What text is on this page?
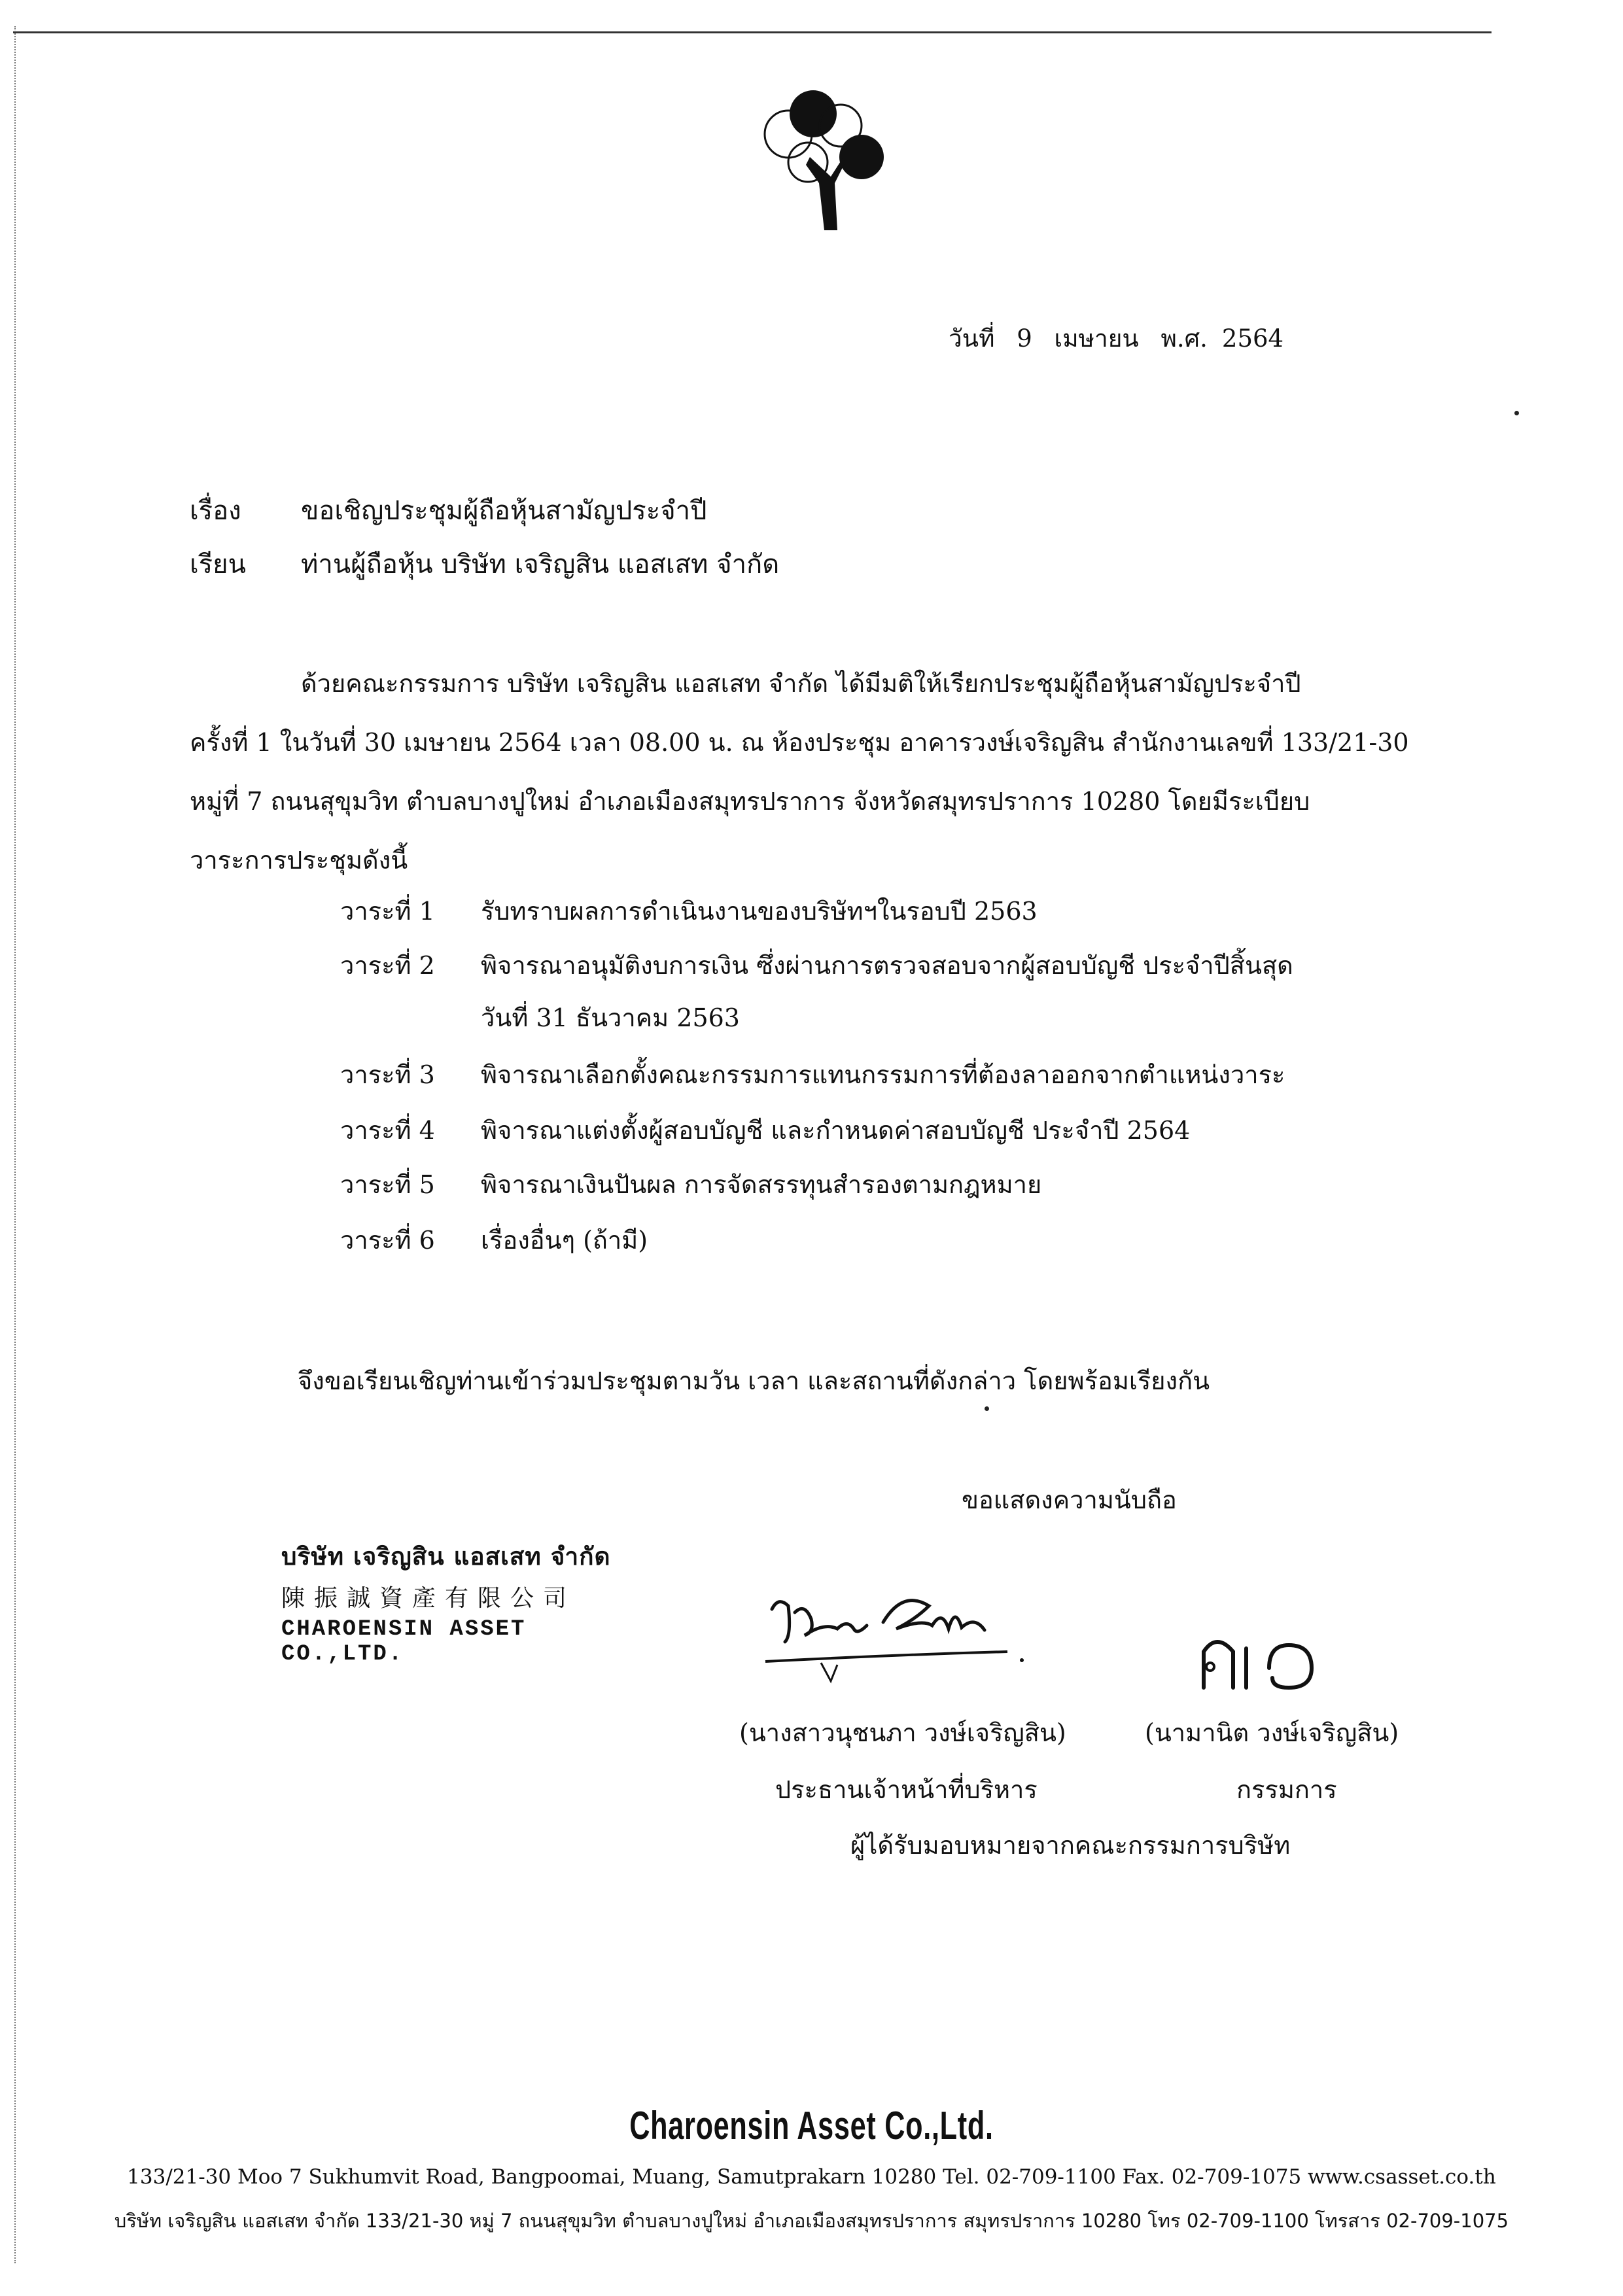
วันที่ 9 เมษายน พ.ศ. 2564
เรื่อง ขอเชิญประชุมผู้ถือหุ้นสามัญประจำปี
เรียน ท่านผู้ถือหุ้น บริษัท เจริญสิน แอสเสท จำกัด
ด้วยคณะกรรมการ บริษัท เจริญสิน แอสเสท จำกัด ได้มีมติให้เรียกประชุมผู้ถือหุ้นสามัญประจำปี
ครั้งที่ 1 ในวันที่ 30 เมษายน 2564 เวลา 08.00 น. ณ ห้องประชุม อาคารวงษ์เจริญสิน สำนักงานเลขที่ 133/21-30
หมู่ที่ 7 ถนนสุขุมวิท ตำบลบางปูใหม่ อำเภอเมืองสมุทรปราการ จังหวัดสมุทรปราการ 10280 โดยมีระเบียบ
วาระการประชุมดังนี้
วาระที่ 1 รับทราบผลการดำเนินงานของบริษัทฯในรอบปี 2563
วาระที่ 2 พิจารณาอนุมัติงบการเงิน ซึ่งผ่านการตรวจสอบจากผู้สอบบัญชี ประจำปีสิ้นสุด
วันที่ 31 ธันวาคม 2563
วาระที่ 3 พิจารณาเลือกตั้งคณะกรรมการแทนกรรมการที่ต้องลาออกจากตำแหน่งวาระ
วาระที่ 4 พิจารณาแต่งตั้งผู้สอบบัญชี และกำหนดค่าสอบบัญชี ประจำปี 2564
วาระที่ 5 พิจารณาเงินปันผล การจัดสรรทุนสำรองตามกฎหมาย
วาระที่ 6 เรื่องอื่นๆ (ถ้ามี)
จึงขอเรียนเชิญท่านเข้าร่วมประชุมตามวัน เวลา และสถานที่ดังกล่าว โดยพร้อมเรียงกัน
ขอแสดงความนับถือ
บริษัท เจริญสิน แอสเสท จำกัด
陳振誠資產有限公司
CHAROENSIN ASSET CO.,LTD.
(นางสาวนุชนภา วงษ์เจริญสิน)	(นามานิต วงษ์เจริญสิน)
ประธานเจ้าหน้าที่บริหาร	กรรมการ
ผู้ได้รับมอบหมายจากคณะกรรมการบริษัท
Charoensin Asset Co.,Ltd.
133/21-30 Moo 7 Sukhumvit Road, Bangpoomai, Muang, Samutprakarn 10280 Tel. 02-709-1100 Fax. 02-709-1075 www.csasset.co.th
บริษัท เจริญสิน แอสเสท จำกัด 133/21-30 หมู่ 7 ถนนสุขุมวิท ตำบลบางปูใหม่ อำเภอเมืองสมุทรปราการ สมุทรปราการ 10280 โทร 02-709-1100 โทรสาร 02-709-1075
